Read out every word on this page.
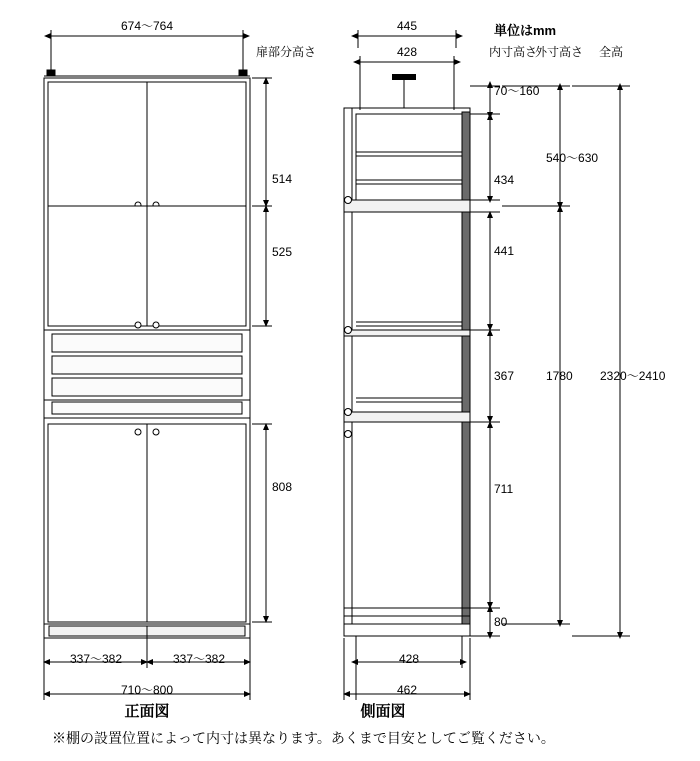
単位はmm
674〜764
扉部分高さ
514
525
808
337〜382	337〜382
710〜800
正面図
445
428	内寸高さ
外寸高さ 全高
70〜160
434
441
367
711
80
540〜630
1780 2320〜2410
428
462
側面図
※棚の設置位置によって内寸は異なります。あくまで目安としてご覧ください。
